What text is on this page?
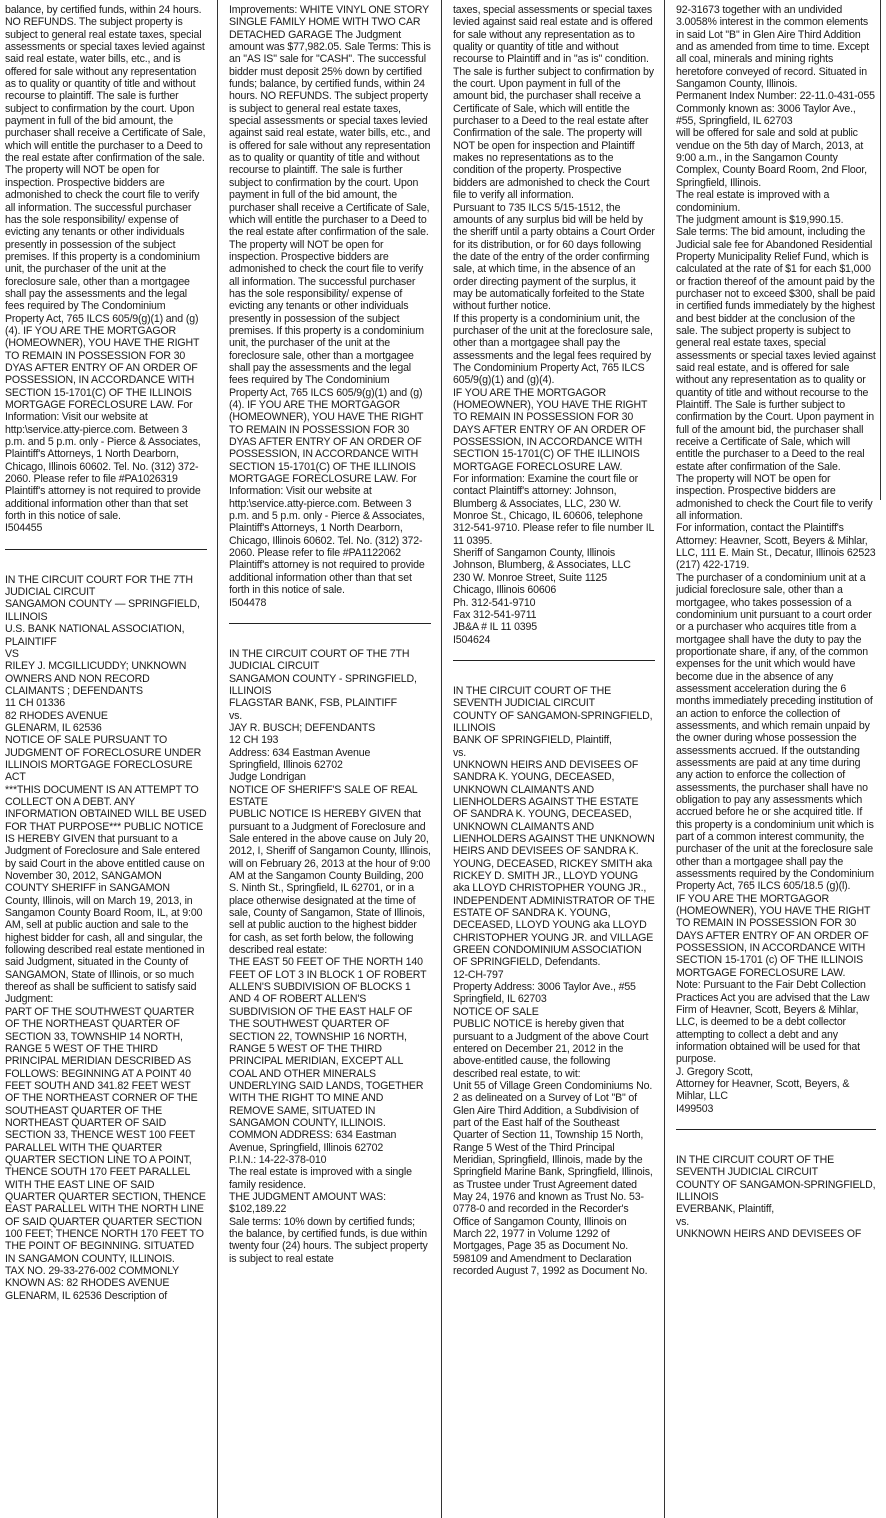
balance, by certified funds, within 24 hours. NO REFUNDS. The subject property is subject to general real estate taxes, special assessments or special taxes levied against said real estate, water bills, etc., and is offered for sale without any representation as to quality or quantity of title and without recourse to plaintiff. The sale is further subject to confirmation by the court. Upon payment in full of the bid amount, the purchaser shall receive a Certificate of Sale, which will entitle the purchaser to a Deed to the real estate after confirmation of the sale. The property will NOT be open for inspection. Prospective bidders are admonished to check the court file to verify all information. The successful purchaser has the sole responsibility/ expense of evicting any tenants or other individuals presently in possession of the subject premises. If this property is a condominium unit, the purchaser of the unit at the foreclosure sale, other than a mortgagee shall pay the assessments and the legal fees required by The Condominium Property Act, 765 ILCS 605/9(g)(1) and (g)(4). IF YOU ARE THE MORTGAGOR (HOMEOWNER), YOU HAVE THE RIGHT TO REMAIN IN POSSESSION FOR 30 DYAS AFTER ENTRY OF AN ORDER OF POSSESSION, IN ACCORDANCE WITH SECTION 15-1701(C) OF THE ILLINOIS MORTGAGE FORECLOSURE LAW. For Information: Visit our website at http:\service.atty-pierce.com. Between 3 p.m. and 5 p.m. only - Pierce & Associates, Plaintiff's Attorneys, 1 North Dearborn, Chicago, Illinois 60602. Tel. No. (312) 372-2060. Please refer to file #PA1026319 Plaintiff's attorney is not required to provide additional information other than that set forth in this notice of sale.
I504455

IN THE CIRCUIT COURT FOR THE 7TH JUDICIAL CIRCUIT
SANGAMON COUNTY — SPRINGFIELD, ILLINOIS
U.S. BANK NATIONAL ASSOCIATION, PLAINTIFF
VS
RILEY J. MCGILLICUDDY; UNKNOWN OWNERS AND NON RECORD CLAIMANTS ; DEFENDANTS
11 CH 01336
82 RHODES AVENUE
GLENARM, IL 62536
NOTICE OF SALE PURSUANT TO JUDGMENT OF FORECLOSURE UNDER ILLINOIS MORTGAGE FORECLOSURE ACT
***THIS DOCUMENT IS AN ATTEMPT TO COLLECT ON A DEBT. ANY INFORMATION OBTAINED WILL BE USED FOR THAT PURPOSE*** PUBLIC NOTICE IS HEREBY GIVEN that pursuant to a Judgment of Foreclosure and Sale entered by said Court in the above entitled cause on November 30, 2012, SANGAMON COUNTY SHERIFF in SANGAMON County, Illinois, will on March 19, 2013, in Sangamon County Board Room, IL, at 9:00 AM, sell at public auction and sale to the highest bidder for cash, all and singular, the following described real estate mentioned in said Judgment, situated in the County of SANGAMON, State of Illinois, or so much thereof as shall be sufficient to satisfy said Judgment:
PART OF THE SOUTHWEST QUARTER OF THE NORTHEAST QUARTER OF SECTION 33, TOWNSHIP 14 NORTH, RANGE 5 WEST OF THE THIRD PRINCIPAL MERIDIAN DESCRIBED AS FOLLOWS: BEGINNING AT A POINT 40 FEET SOUTH AND 341.82 FEET WEST OF THE NORTHEAST CORNER OF THE SOUTHEAST QUARTER OF THE NORTHEAST QUARTER OF SAID SECTION 33, THENCE WEST 100 FEET PARALLEL WITH THE QUARTER QUARTER SECTION LINE TO A POINT, THENCE SOUTH 170 FEET PARALLEL WITH THE EAST LINE OF SAID QUARTER QUARTER SECTION, THENCE EAST PARALLEL WITH THE NORTH LINE OF SAID QUARTER QUARTER SECTION 100 FEET; THENCE NORTH 170 FEET TO THE POINT OF BEGINNING. SITUATED IN SANGAMON COUNTY, ILLINOIS.
TAX NO. 29-33-276-002 COMMONLY KNOWN AS: 82 RHODES AVENUE GLENARM, IL 62536 Description of

Improvements: WHITE VINYL ONE STORY SINGLE FAMILY HOME WITH TWO CAR DETACHED GARAGE The Judgment amount was $77,982.05. Sale Terms: This is an "AS IS" sale for "CASH". The successful bidder must deposit 25% down by certified funds; balance, by certified funds, within 24 hours. NO REFUNDS. The subject property is subject to general real estate taxes, special assessments or special taxes levied against said real estate, water bills, etc., and is offered for sale without any representation as to quality or quantity of title and without recourse to plaintiff. The sale is further subject to confirmation by the court. Upon payment in full of the bid amount, the purchaser shall receive a Certificate of Sale, which will entitle the purchaser to a Deed to the real estate after confirmation of the sale. The property will NOT be open for inspection. Prospective bidders are admonished to check the court file to verify all information. The successful purchaser has the sole responsibility/ expense of evicting any tenants or other individuals presently in possession of the subject premises. If this property is a condominium unit, the purchaser of the unit at the foreclosure sale, other than a mortgagee shall pay the assessments and the legal fees required by The Condominium Property Act, 765 ILCS 605/9(g)(1) and (g)(4). IF YOU ARE THE MORTGAGOR (HOMEOWNER), YOU HAVE THE RIGHT TO REMAIN IN POSSESSION FOR 30 DYAS AFTER ENTRY OF AN ORDER OF POSSESSION, IN ACCORDANCE WITH SECTION 15-1701(C) OF THE ILLINOIS MORTGAGE FORECLOSURE LAW. For Information: Visit our website at http:\service.atty-pierce.com. Between 3 p.m. and 5 p.m. only - Pierce & Associates, Plaintiff's Attorneys, 1 North Dearborn, Chicago, Illinois 60602. Tel. No. (312) 372-2060. Please refer to file #PA1122062 Plaintiff's attorney is not required to provide additional information other than that set forth in this notice of sale.
I504478

IN THE CIRCUIT COURT OF THE 7TH JUDICIAL CIRCUIT
SANGAMON COUNTY - SPRINGFIELD, ILLINOIS
FLAGSTAR BANK, FSB, PLAINTIFF
vs.
JAY R. BUSCH; DEFENDANTS
12 CH 193
Address: 634 Eastman Avenue
Springfield, Illinois 62702
Judge Londrigan
NOTICE OF SHERIFF'S SALE OF REAL ESTATE
PUBLIC NOTICE IS HEREBY GIVEN that pursuant to a Judgment of Foreclosure and Sale entered in the above cause on July 20, 2012, I, Sheriff of Sangamon County, Illinois, will on February 26, 2013 at the hour of 9:00 AM at the Sangamon County Building, 200 S. Ninth St., Springfield, IL 62701, or in a place otherwise designated at the time of sale, County of Sangamon, State of Illinois, sell at public auction to the highest bidder for cash, as set forth below, the following described real estate:
THE EAST 50 FEET OF THE NORTH 140 FEET OF LOT 3 IN BLOCK 1 OF ROBERT ALLEN'S SUBDIVISION OF BLOCKS 1 AND 4 OF ROBERT ALLEN'S SUBDIVISION OF THE EAST HALF OF THE SOUTHWEST QUARTER OF SECTION 22, TOWNSHIP 16 NORTH, RANGE 5 WEST OF THE THIRD PRINCIPAL MERIDIAN, EXCEPT ALL COAL AND OTHER MINERALS UNDERLYING SAID LANDS, TOGETHER WITH THE RIGHT TO MINE AND REMOVE SAME, SITUATED IN SANGAMON COUNTY, ILLINOIS.
COMMON ADDRESS: 634 Eastman Avenue, Springfield, Illinois 62702
P.I.N.: 14-22-378-010
The real estate is improved with a single family residence.
THE JUDGMENT AMOUNT WAS: $102,189.22
Sale terms: 10% down by certified funds; the balance, by certified funds, is due within twenty four (24) hours. The subject property is subject to real estate

taxes, special assessments or special taxes levied against said real estate and is offered for sale without any representation as to quality or quantity of title and without recourse to Plaintiff and in "as is" condition. The sale is further subject to confirmation by the court. Upon payment in full of the amount bid, the purchaser shall receive a Certificate of Sale, which will entitle the purchaser to a Deed to the real estate after Confirmation of the sale. The property will NOT be open for inspection and Plaintiff makes no representations as to the condition of the property. Prospective bidders are admonished to check the Court file to verify all information.
Pursuant to 735 ILCS 5/15-1512, the amounts of any surplus bid will be held by the sheriff until a party obtains a Court Order for its distribution, or for 60 days following the date of the entry of the order confirming sale, at which time, in the absence of an order directing payment of the surplus, it may be automatically forfeited to the State without further notice.
If this property is a condominium unit, the purchaser of the unit at the foreclosure sale, other than a mortgagee shall pay the assessments and the legal fees required by The Condominium Property Act, 765 ILCS 605/9(g)(1) and (g)(4).
IF YOU ARE THE MORTGAGOR (HOMEOWNER), YOU HAVE THE RIGHT TO REMAIN IN POSSESSION FOR 30 DAYS AFTER ENTRY OF AN ORDER OF POSSESSION, IN ACCORDANCE WITH SECTION 15-1701(C) OF THE ILLINOIS MORTGAGE FORECLOSURE LAW.
For information: Examine the court file or contact Plaintiff's attorney: Johnson, Blumberg & Associates, LLC, 230 W. Monroe St., Chicago, IL 60606, telephone 312-541-9710. Please refer to file number IL 11 0395.
Sheriff of Sangamon County, Illinois
Johnson, Blumberg, & Associates, LLC
230 W. Monroe Street, Suite 1125
Chicago, Illinois 60606
Ph. 312-541-9710
Fax 312-541-9711
JB&A # IL 11 0395
I504624

IN THE CIRCUIT COURT OF THE SEVENTH JUDICIAL CIRCUIT
COUNTY OF SANGAMON-SPRINGFIELD, ILLINOIS
BANK OF SPRINGFIELD, Plaintiff,
vs.
UNKNOWN HEIRS AND DEVISEES OF SANDRA K. YOUNG, DECEASED, UNKNOWN CLAIMANTS AND LIENHOLDERS AGAINST THE ESTATE OF SANDRA K. YOUNG, DECEASED, UNKNOWN CLAIMANTS AND LIENHOLDERS AGAINST THE UNKNOWN HEIRS AND DEVISEES OF SANDRA K. YOUNG, DECEASED, RICKEY SMITH aka RICKEY D. SMITH JR., LLOYD YOUNG aka LLOYD CHRISTOPHER YOUNG JR., INDEPENDENT ADMINISTRATOR OF THE ESTATE OF SANDRA K. YOUNG, DECEASED, LLOYD YOUNG aka LLOYD CHRISTOPHER YOUNG JR. and VILLAGE GREEN CONDOMINIUM ASSOCIATION OF SPRINGFIELD, Defendants.
12-CH-797
Property Address: 3006 Taylor Ave., #55
Springfield, IL 62703
NOTICE OF SALE
PUBLIC NOTICE is hereby given that pursuant to a Judgment of the above Court entered on December 21, 2012 in the above-entitled cause, the following described real estate, to wit:
Unit 55 of Village Green Condominiums No. 2 as delineated on a Survey of Lot "B" of Glen Aire Third Addition, a Subdivision of part of the East half of the Southeast Quarter of Section 11, Township 15 North, Range 5 West of the Third Principal Meridian, Springfield, Illinois, made by the Springfield Marine Bank, Springfield, Illinois, as Trustee under Trust Agreement dated May 24, 1976 and known as Trust No. 53-0778-0 and recorded in the Recorder's Office of Sangamon County, Illinois on March 22, 1977 in Volume 1292 of Mortgages, Page 35 as Document No. 598109 and Amendment to Declaration recorded August 7, 1992 as Document No.

92-31673 together with an undivided 3.0058% interest in the common elements in said Lot "B" in Glen Aire Third Addition and as amended from time to time. Except all coal, minerals and mining rights heretofore conveyed of record. Situated in Sangamon County, Illinois.
Permanent Index Number: 22-11.0-431-055
Commonly known as: 3006 Taylor Ave., #55, Springfield, IL 62703
will be offered for sale and sold at public vendue on the 5th day of March, 2013, at 9:00 a.m., in the Sangamon County Complex, County Board Room, 2nd Floor, Springfield, Illinois.
The real estate is improved with a condominium.
The judgment amount is $19,990.15.
Sale terms: The bid amount, including the Judicial sale fee for Abandoned Residential Property Municipality Relief Fund, which is calculated at the rate of $1 for each $1,000 or fraction thereof of the amount paid by the purchaser not to exceed $300, shall be paid in certified funds immediately by the highest and best bidder at the conclusion of the sale. The subject property is subject to general real estate taxes, special assessments or special taxes levied against said real estate, and is offered for sale without any representation as to quality or quantity of title and without recourse to the Plaintiff. The Sale is further subject to confirmation by the Court. Upon payment in full of the amount bid, the purchaser shall receive a Certificate of Sale, which will entitle the purchaser to a Deed to the real estate after confirmation of the Sale.
The property will NOT be open for inspection. Prospective bidders are admonished to check the Court file to verify all information.
For information, contact the Plaintiff's Attorney: Heavner, Scott, Beyers & Mihlar, LLC, 111 E. Main St., Decatur, Illinois 62523 (217) 422-1719.
The purchaser of a condominium unit at a judicial foreclosure sale, other than a mortgagee, who takes possession of a condominium unit pursuant to a court order or a purchaser who acquires title from a mortgagee shall have the duty to pay the proportionate share, if any, of the common expenses for the unit which would have become due in the absence of any assessment acceleration during the 6 months immediately preceding institution of an action to enforce the collection of assessments, and which remain unpaid by the owner during whose possession the assessments accrued. If the outstanding assessments are paid at any time during any action to enforce the collection of assessments, the purchaser shall have no obligation to pay any assessments which accrued before he or she acquired title. If this property is a condominium unit which is part of a common interest community, the purchaser of the unit at the foreclosure sale other than a mortgagee shall pay the assessments required by the Condominium Property Act, 765 ILCS 605/18.5 (g)(l).
IF YOU ARE THE MORTGAGOR (HOMEOWNER), YOU HAVE THE RIGHT TO REMAIN IN POSSESSION FOR 30 DAYS AFTER ENTRY OF AN ORDER OF POSSESSION, IN ACCORDANCE WITH SECTION 15-1701 (c) OF THE ILLINOIS MORTGAGE FORECLOSURE LAW.
Note: Pursuant to the Fair Debt Collection Practices Act you are advised that the Law Firm of Heavner, Scott, Beyers & Mihlar, LLC, is deemed to be a debt collector attempting to collect a debt and any information obtained will be used for that purpose.
J. Gregory Scott,
Attorney for Heavner, Scott, Beyers, & Mihlar, LLC
I499503

IN THE CIRCUIT COURT OF THE SEVENTH JUDICIAL CIRCUIT
COUNTY OF SANGAMON-SPRINGFIELD, ILLINOIS
EVERBANK, Plaintiff,
vs.
UNKNOWN HEIRS AND DEVISEES OF
